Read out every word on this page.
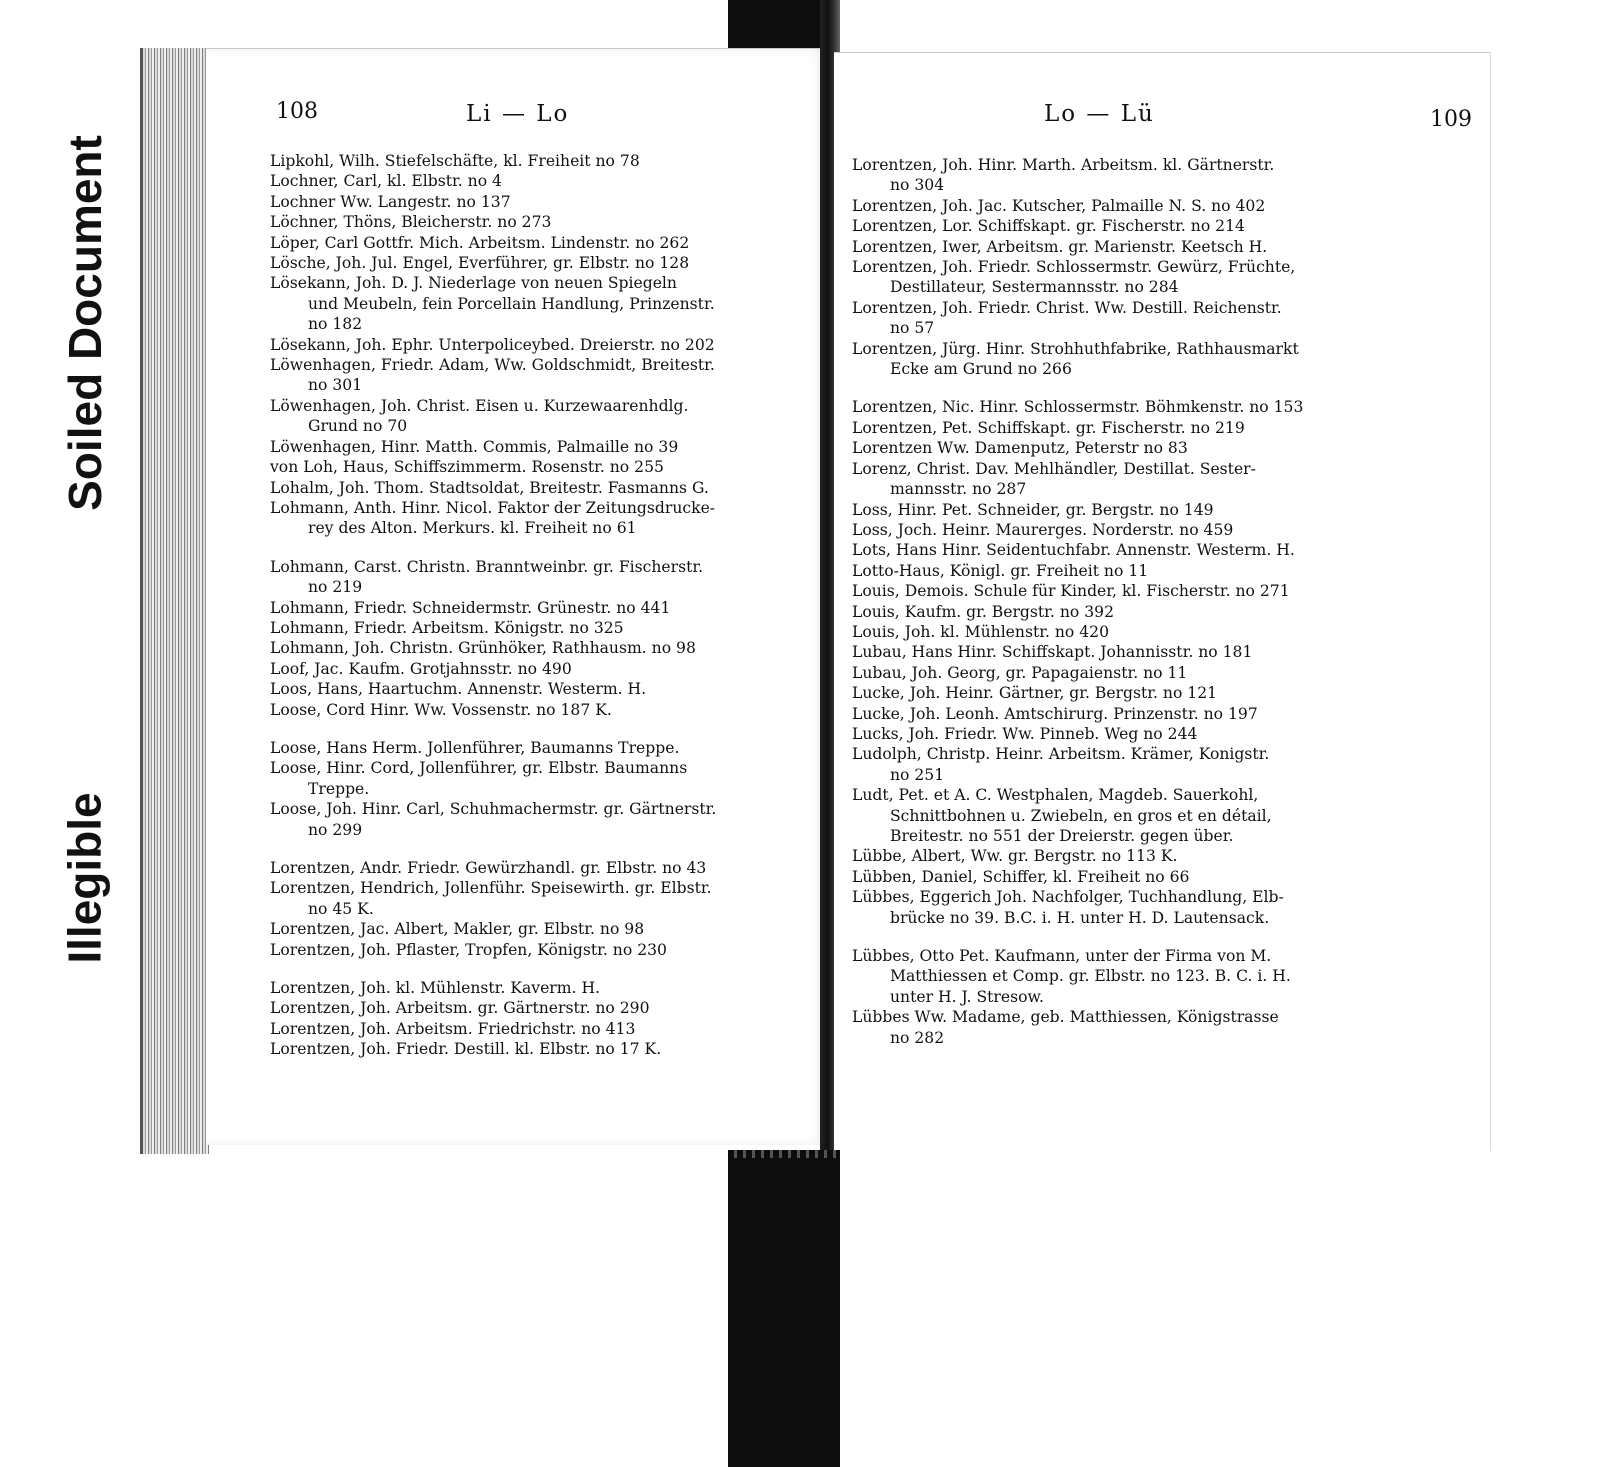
Soiled Document
Illegible
108	Li — Lo
Lipkohl, Wilh. Stiefelschäfte, kl. Freiheit no 78
Lochner, Carl, kl. Elbstr. no 4
Lochner Ww. Langestr. no 137
Löchner, Thöns, Bleicherstr. no 273
Löper, Carl Gottfr. Mich. Arbeitsm. Lindenstr. no 262
Lösche, Joh. Jul. Engel, Everführer, gr. Elbstr. no 128
Lösekann, Joh. D. J. Niederlage von neuen Spiegeln
und Meubeln, fein Porcellain Handlung, Prinzenstr.
no 182
Lösekann, Joh. Ephr. Unterpoliceybed. Dreierstr. no 202
Löwenhagen, Friedr. Adam, Ww. Goldschmidt, Breitestr.
no 301
Löwenhagen, Joh. Christ. Eisen u. Kurzewaarenhdlg.
Grund no 70
Löwenhagen, Hinr. Matth. Commis, Palmaille no 39
von Loh, Haus, Schiffszimmerm. Rosenstr. no 255
Lohalm, Joh. Thom. Stadtsoldat, Breitestr. Fasmanns G.
Lohmann, Anth. Hinr. Nicol. Faktor der Zeitungsdrucke-
rey des Alton. Merkurs. kl. Freiheit no 61
Lohmann, Carst. Christn. Branntweinbr. gr. Fischerstr.
no 219
Lohmann, Friedr. Schneidermstr. Grünestr. no 441
Lohmann, Friedr. Arbeitsm. Königstr. no 325
Lohmann, Joh. Christn. Grünhöker, Rathhausm. no 98
Loof, Jac. Kaufm. Grotjahnsstr. no 490
Loos, Hans, Haartuchm. Annenstr. Westerm. H.
Loose, Cord Hinr. Ww. Vossenstr. no 187 K.
Loose, Hans Herm. Jollenführer, Baumanns Treppe.
Loose, Hinr. Cord, Jollenführer, gr. Elbstr. Baumanns
Treppe.
Loose, Joh. Hinr. Carl, Schuhmachermstr. gr. Gärtnerstr.
no 299
Lorentzen, Andr. Friedr. Gewürzhandl. gr. Elbstr. no 43
Lorentzen, Hendrich, Jollenführ. Speisewirth. gr. Elbstr.
no 45 K.
Lorentzen, Jac. Albert, Makler, gr. Elbstr. no 98
Lorentzen, Joh. Pflaster, Tropfen, Königstr. no 230
Lorentzen, Joh. kl. Mühlenstr. Kaverm. H.
Lorentzen, Joh. Arbeitsm. gr. Gärtnerstr. no 290
Lorentzen, Joh. Arbeitsm. Friedrichstr. no 413
Lorentzen, Joh. Friedr. Destill. kl. Elbstr. no 17 K.
Lo — Lü	109
Lorentzen, Joh. Hinr. Marth. Arbeitsm. kl. Gärtnerstr.
no 304
Lorentzen, Joh. Jac. Kutscher, Palmaille N. S. no 402
Lorentzen, Lor. Schiffskapt. gr. Fischerstr. no 214
Lorentzen, Iwer, Arbeitsm. gr. Marienstr. Keetsch H.
Lorentzen, Joh. Friedr. Schlossermstr. Gewürz, Früchte,
Destillateur, Sestermannsstr. no 284
Lorentzen, Joh. Friedr. Christ. Ww. Destill. Reichenstr.
no 57
Lorentzen, Jürg. Hinr. Strohhuthfabrike, Rathhausmarkt
Ecke am Grund no 266
Lorentzen, Nic. Hinr. Schlossermstr. Böhmkenstr. no 153
Lorentzen, Pet. Schiffskapt. gr. Fischerstr. no 219
Lorentzen Ww. Damenputz, Peterstr no 83
Lorenz, Christ. Dav. Mehlhändler, Destillat. Sester-
mannsstr. no 287
Loss, Hinr. Pet. Schneider, gr. Bergstr. no 149
Loss, Joch. Heinr. Maurerges. Norderstr. no 459
Lots, Hans Hinr. Seidentuchfabr. Annenstr. Westerm. H.
Lotto-Haus, Königl. gr. Freiheit no 11
Louis, Demois. Schule für Kinder, kl. Fischerstr. no 271
Louis, Kaufm. gr. Bergstr. no 392
Louis, Joh. kl. Mühlenstr. no 420
Lubau, Hans Hinr. Schiffskapt. Johannisstr. no 181
Lubau, Joh. Georg, gr. Papagaienstr. no 11
Lucke, Joh. Heinr. Gärtner, gr. Bergstr. no 121
Lucke, Joh. Leonh. Amtschirurg. Prinzenstr. no 197
Lucks, Joh. Friedr. Ww. Pinneb. Weg no 244
Ludolph, Christp. Heinr. Arbeitsm. Krämer, Konigstr.
no 251
Ludt, Pet. et A. C. Westphalen, Magdeb. Sauerkohl,
Schnittbohnen u. Zwiebeln, en gros et en détail,
Breitestr. no 551 der Dreierstr. gegen über.
Lübbe, Albert, Ww. gr. Bergstr. no 113 K.
Lübben, Daniel, Schiffer, kl. Freiheit no 66
Lübbes, Eggerich Joh. Nachfolger, Tuchhandlung, Elb-
brücke no 39. B.C. i. H. unter H. D. Lautensack.
Lübbes, Otto Pet. Kaufmann, unter der Firma von M.
Matthiessen et Comp. gr. Elbstr. no 123. B. C. i. H.
unter H. J. Stresow.
Lübbes Ww. Madame, geb. Matthiessen, Königstrasse
no 282
